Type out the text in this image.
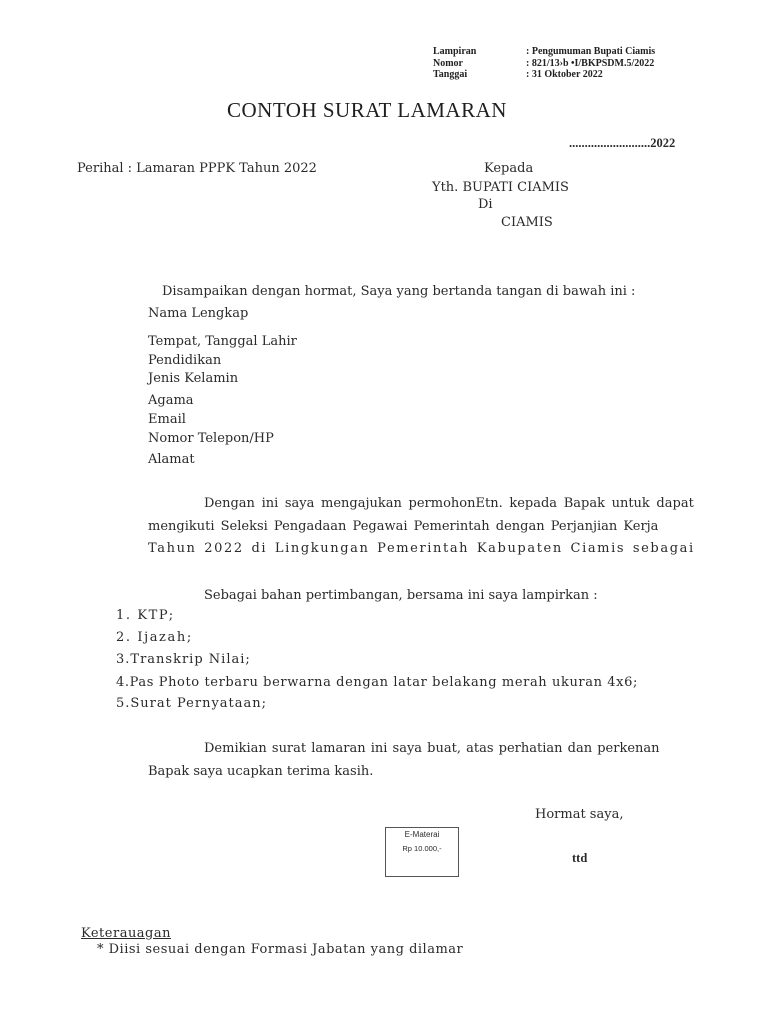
Lampiran	: Pengumuman Bupati Ciamis
Nomor	: 821/13›b •I/BKPSDM.5/2022
Tanggai	: 31 Oktober 2022
CONTOH SURAT LAMARAN
..........................2022
Perihal : Lamaran PPPK Tahun 2022	Kepada
Yth. BUPATI CIAMIS
Di
CIAMIS
Disampaikan dengan hormat, Saya yang bertanda tangan di bawah ini :
Nama Lengkap
Tempat, Tanggal Lahir
Pendidikan
Jenis Kelamin
Agama
Email
Nomor Telepon/HP
Alamat
Dengan ini saya mengajukan permohonEtn. kepada Bapak untuk dapat
mengikuti Seleksi Pengadaan Pegawai Pemerintah dengan Perjanjian Kerja
Tahun 2022 di Lingkungan Pemerintah Kabupaten Ciamis sebagai
Sebagai bahan pertimbangan, bersama ini saya lampirkan :
1. KTP;
2. Ijazah;
3.Transkrip Nilai;
4.Pas Photo terbaru berwarna dengan latar belakang merah ukuran 4x6;
5.Surat Pernyataan;
Demikian surat lamaran ini saya buat, atas perhatian dan perkenan
Bapak saya ucapkan terima kasih.
Hormat saya,
E-Materai
Rp 10.000,-
ttd
Keterauagan
* Diisi sesuai dengan Formasi Jabatan yang dilamar
